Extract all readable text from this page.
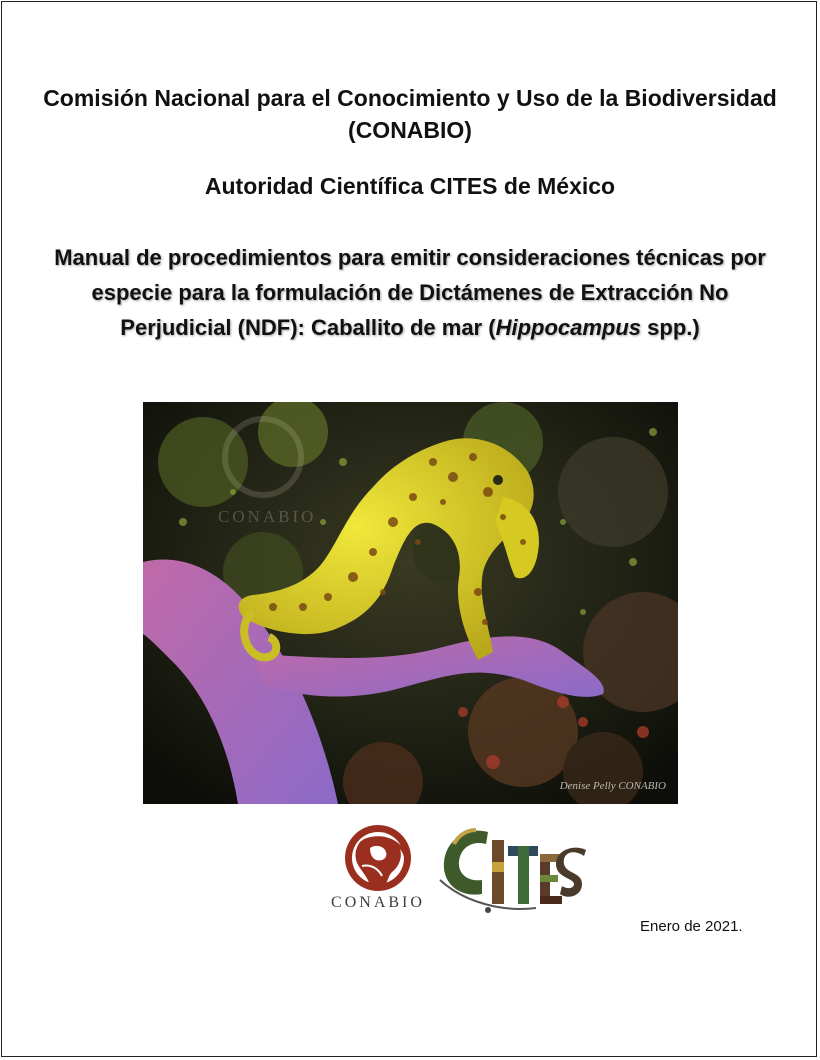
Comisión Nacional para el Conocimiento y Uso de la Biodiversidad (CONABIO)
Autoridad Científica CITES de México
Manual de procedimientos para emitir consideraciones técnicas por especie para la formulación de Dictámenes de Extracción No Perjudicial (NDF): Caballito de mar (Hippocampus spp.)
CONABIO
Denise Pelly CONABIO
CONABIO
Enero de 2021.
